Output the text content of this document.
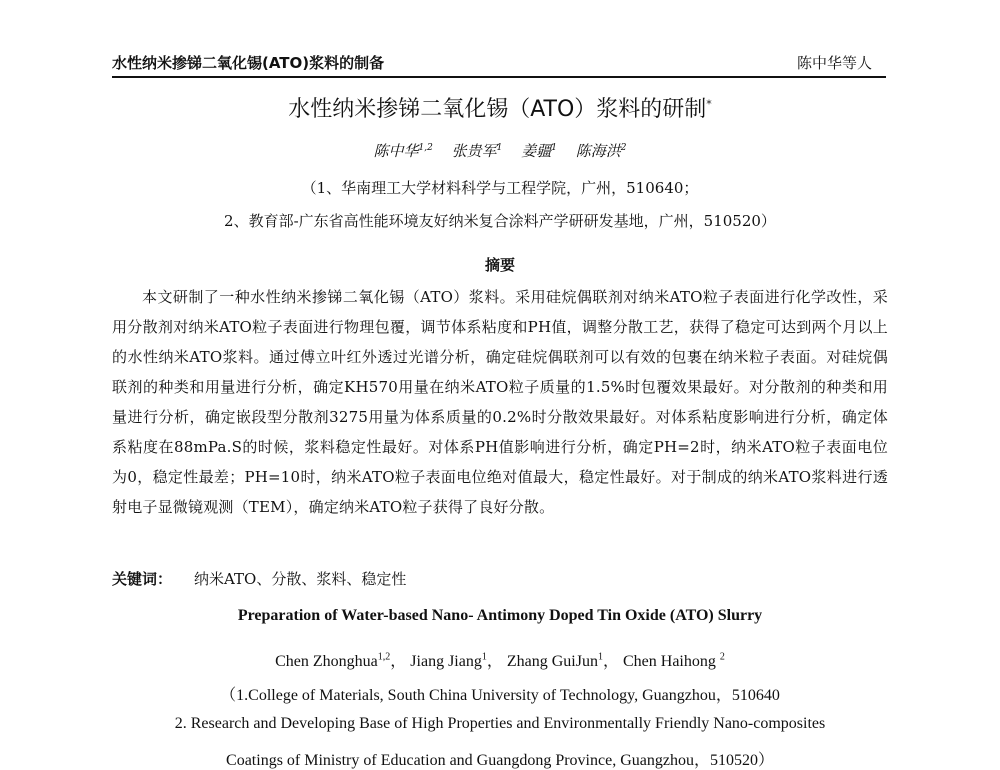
水性纳米掺锑二氧化锡(ATO)浆料的制备	陈中华等人
水性纳米掺锑二氧化锡（ATO）浆料的研制*
陈中华$^{1,2}$ 张贵军$^1$ 姜疆$^1$ 陈海洪$^2$
（1、华南理工大学材料科学与工程学院，广州，510640；
2、教育部-广东省高性能环境友好纳米复合涂料产学研研发基地，广州，510520）
摘要

本文研制了一种水性纳米掺锑二氧化锡（ATO）浆料。采用硅烷偶联剂对纳米ATO粒子表面进行化学改性，采用分散剂对纳米ATO粒子表面进行物理包覆，调节体系粘度和PH值，调整分散工艺，获得了稳定可达到两个月以上的水性纳米ATO浆料。通过傅立叶红外透过光谱分析，确定硅烷偶联剂可以有效的包裹在纳米粒子表面。对硅烷偶联剂的种类和用量进行分析，确定KH570用量在纳米ATO粒子质量的1.5%时包覆效果最好。对分散剂的种类和用量进行分析，确定嵌段型分散剂3275用量为体系质量的0.2%时分散效果最好。对体系粘度影响进行分析，确定体系粘度在88mPa.S的时候，浆料稳定性最好。对体系PH值影响进行分析，确定PH=2时，纳米ATO粒子表面电位为0，稳定性最差；PH=10时，纳米ATO粒子表面电位绝对值最大，稳定性最好。对于制成的纳米ATO浆料进行透射电子显微镜观测（TEM），确定纳米ATO粒子获得了良好分散。

关键词： 纳米ATO、分散、浆料、稳定性
Preparation of Water-based Nano- Antimony Doped Tin Oxide (ATO) Slurry
Chen Zhonghua$^{1,2}$， Jiang Jiang$^1$， Zhang GuiJun$^1$， Chen Haihong $^2$
（1.College of Materials, South China University of Technology, Guangzhou，510640
2. Research and Developing Base of High Properties and Environmentally Friendly Nano-composites
Coatings of Ministry of Education and Guangdong Province, Guangzhou，510520）
